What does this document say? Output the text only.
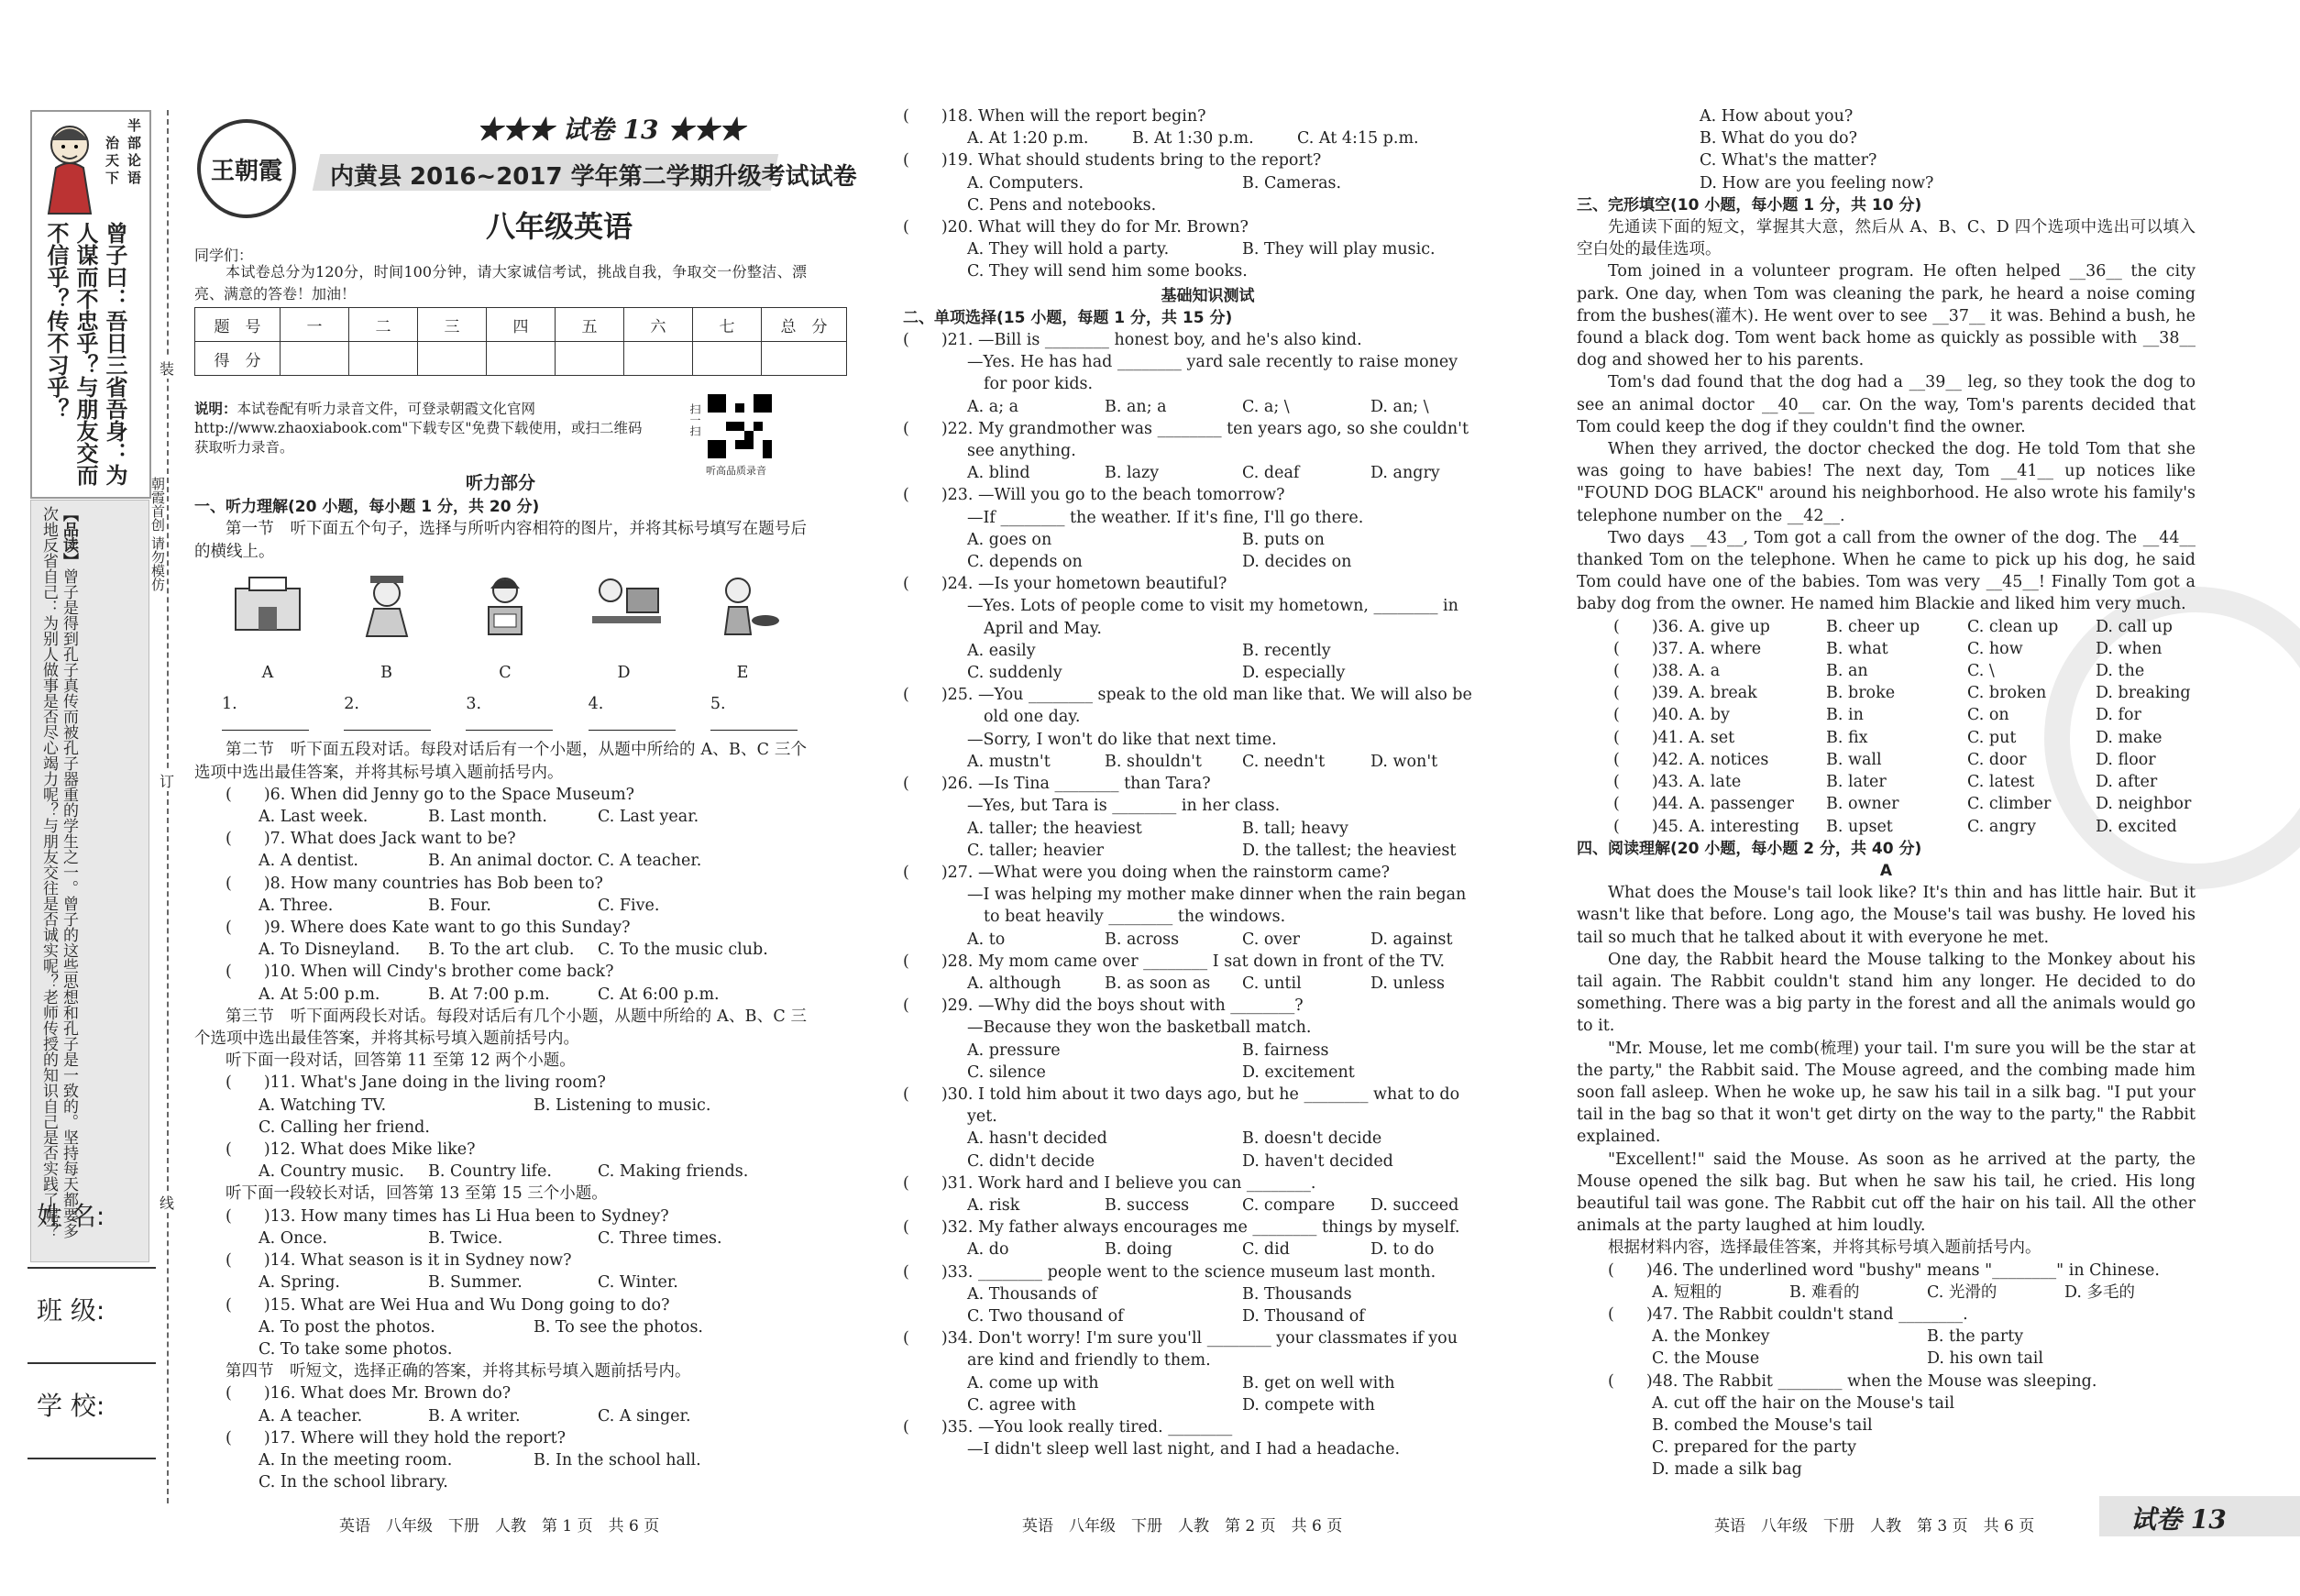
半部论语
治天下
曾子曰：吾日三省吾身：为人谋而不忠乎？与朋友交而不信乎？传不习乎？
【品读】曾子是得到孔子真传而被孔子器重的学生之一。曾子的这些思想和孔子是一致的。坚持每天都要多次地反省自己：为别人做事是否尽心竭力呢？与朋友交往是否诚实呢？老师传授的知识自己是否实践了呢？
姓 名:
班 级:
学 校:
装
订
线
朝霞首创 请勿模仿
王朝霞
★★★ 试卷 13 ★★★
内黄县 2016~2017 学年第二学期升级考试试卷
八年级英语
同学们：
本试卷总分为120分，时间100分钟，请大家诚信考试，挑战自我，争取交一份整洁、漂亮、满意的答卷！加油！
题　号	一	二	三	四	五	六	七	总　分
得　分								
说明：本试卷配有听力录音文件，可登录朝霞文化官网 http://www.zhaoxiabook.com"下载专区"免费下载使用，或扫二维码获取听力录音。
扫一扫
听高品质录音
听力部分
一、听力理解(20 小题，每小题 1 分，共 20 分)
第一节　听下面五个句子，选择与所听内容相符的图片，并将其标号填写在题号后的横线上。
A	B	C	D	E
1.	2.	3.	4.	5.
第二节　听下面五段对话。每段对话后有一个小题，从题中所给的 A、B、C 三个选项中选出最佳答案，并将其标号填入题前括号内。
(　　)6. When did Jenny go to the Space Museum?
A. Last week.	B. Last month.	C. Last year.
(　　)7. What does Jack want to be?
A. A dentist.	B. An animal doctor. C. A teacher.
(　　)8. How many countries has Bob been to?
A. Three.	B. Four.	C. Five.
(　　)9. Where does Kate want to go this Sunday?
A. To Disneyland.	B. To the art club.	C. To the music club.
(　　)10. When will Cindy's brother come back?
A. At 5:00 p.m.	B. At 7:00 p.m.	C. At 6:00 p.m.
第三节　听下面两段长对话。每段对话后有几个小题，从题中所给的 A、B、C 三个选项中选出最佳答案，并将其标号填入题前括号内。
听下面一段对话，回答第 11 至第 12 两个小题。
(　　)11. What's Jane doing in the living room?
A. Watching TV.	B. Listening to music.
C. Calling her friend.
(　　)12. What does Mike like?
A. Country music.	B. Country life.	C. Making friends.
听下面一段较长对话，回答第 13 至第 15 三个小题。
(　　)13. How many times has Li Hua been to Sydney?
A. Once.	B. Twice.	C. Three times.
(　　)14. What season is it in Sydney now?
A. Spring.	B. Summer.	C. Winter.
(　　)15. What are Wei Hua and Wu Dong going to do?
A. To post the photos.	B. To see the photos.
C. To take some photos.
第四节　听短文，选择正确的答案，并将其标号填入题前括号内。
(　　)16. What does Mr. Brown do?
A. A teacher.	B. A writer.	C. A singer.
(　　)17. Where will they hold the report?
A. In the meeting room.	B. In the school hall.
C. In the school library.
英语　八年级　下册　人教　第 1 页　共 6 页
(　　)18. When will the report begin?
A. At 1:20 p.m.	B. At 1:30 p.m.	C. At 4:15 p.m.
(　　)19. What should students bring to the report?
A. Computers.	B. Cameras.
C. Pens and notebooks.
(　　)20. What will they do for Mr. Brown?
A. They will hold a party.	B. They will play music.
C. They will send him some books.
基础知识测试
二、单项选择(15 小题，每题 1 分，共 15 分)
(　　)21. —Bill is ________ honest boy, and he's also kind.
—Yes. He has had ________ yard sale recently to raise money
for poor kids.
A. a; a	B. an; a	C. a; \	D. an; \
(　　)22. My grandmother was ________ ten years ago, so she couldn't
see anything.
A. blind	B. lazy	C. deaf	D. angry
(　　)23. —Will you go to the beach tomorrow?
—If ________ the weather. If it's fine, I'll go there.
A. goes on	B. puts on
C. depends on	D. decides on
(　　)24. —Is your hometown beautiful?
—Yes. Lots of people come to visit my hometown, ________ in
April and May.
A. easily	B. recently
C. suddenly	D. especially
(　　)25. —You ________ speak to the old man like that. We will also be
old one day.
—Sorry, I won't do like that next time.
A. mustn't	B. shouldn't	C. needn't	D. won't
(　　)26. —Is Tina ________ than Tara?
—Yes, but Tara is ________ in her class.
A. taller; the heaviest	B. tall; heavy
C. taller; heavier	D. the tallest; the heaviest
(　　)27. —What were you doing when the rainstorm came?
—I was helping my mother make dinner when the rain began
to beat heavily ________ the windows.
A. to	B. across	C. over	D. against
(　　)28. My mom came over ________ I sat down in front of the TV.
A. although	B. as soon as	C. until	D. unless
(　　)29. —Why did the boys shout with ________?
—Because they won the basketball match.
A. pressure	B. fairness
C. silence	D. excitement
(　　)30. I told him about it two days ago, but he ________ what to do
yet.
A. hasn't decided	B. doesn't decide
C. didn't decide	D. haven't decided
(　　)31. Work hard and I believe you can ________.
A. risk	B. success	C. compare	D. succeed
(　　)32. My father always encourages me ________ things by myself.
A. do	B. doing	C. did	D. to do
(　　)33. ________ people went to the science museum last month.
A. Thousands of	B. Thousands
C. Two thousand of	D. Thousand of
(　　)34. Don't worry! I'm sure you'll ________ your classmates if you
are kind and friendly to them.
A. come up with	B. get on well with
C. agree with	D. compete with
(　　)35. —You look really tired. ________
—I didn't sleep well last night, and I had a headache.
英语　八年级　下册　人教　第 2 页　共 6 页
A. How about you?
B. What do you do?
C. What's the matter?
D. How are you feeling now?
三、完形填空(10 小题，每小题 1 分，共 10 分)
先通读下面的短文，掌握其大意，然后从 A、B、C、D 四个选项中选出可以填入空白处的最佳选项。
Tom joined in a volunteer program. He often helped __36__ the city park. One day, when Tom was cleaning the park, he heard a noise coming from the bushes(灌木). He went over to see __37__ it was. Behind a bush, he found a black dog. Tom went back home as quickly as possible with __38__ dog and showed her to his parents.
Tom's dad found that the dog had a __39__ leg, so they took the dog to see an animal doctor __40__ car. On the way, Tom's parents decided that Tom could keep the dog if they couldn't find the owner.
When they arrived, the doctor checked the dog. He told Tom that she was going to have babies! The next day, Tom __41__ up notices like "FOUND DOG BLACK" around his neighborhood. He also wrote his family's telephone number on the __42__.
Two days __43__, Tom got a call from the owner of the dog. The __44__ thanked Tom on the telephone. When he came to pick up his dog, he said Tom could have one of the babies. Tom was very __45__! Finally Tom got a baby dog from the owner. He named him Blackie and liked him very much.
(　　)36. A. give up	B. cheer up	C. clean up	D. call up
(　　)37. A. where	B. what	C. how	D. when
(　　)38. A. a	B. an	C. \	D. the
(　　)39. A. break	B. broke	C. broken	D. breaking
(　　)40. A. by	B. in	C. on	D. for
(　　)41. A. set	B. fix	C. put	D. make
(　　)42. A. notices	B. wall	C. door	D. floor
(　　)43. A. late	B. later	C. latest	D. after
(　　)44. A. passenger	B. owner	C. climber	D. neighbor
(　　)45. A. interesting	B. upset	C. angry	D. excited
四、阅读理解(20 小题，每小题 2 分，共 40 分)
A
What does the Mouse's tail look like? It's thin and has little hair. But it wasn't like that before. Long ago, the Mouse's tail was bushy. He loved his tail so much that he talked about it with everyone he met.
One day, the Rabbit heard the Mouse talking to the Monkey about his tail again. The Rabbit couldn't stand him any longer. He decided to do something. There was a big party in the forest and all the animals would go to it.
"Mr. Mouse, let me comb(梳理) your tail. I'm sure you will be the star at the party," the Rabbit said. The Mouse agreed, and the combing made him soon fall asleep. When he woke up, he saw his tail in a silk bag. "I put your tail in the bag so that it won't get dirty on the way to the party," the Rabbit explained.
"Excellent!" said the Mouse. As soon as he arrived at the party, the Mouse opened the silk bag. But when he saw his tail, he cried. His long beautiful tail was gone. The Rabbit cut off the hair on his tail. All the other animals at the party laughed at him loudly.
根据材料内容，选择最佳答案，并将其标号填入题前括号内。
(　　)46. The underlined word "bushy" means "________" in Chinese.
A. 短粗的	B. 难看的	C. 光滑的	D. 多毛的
(　　)47. The Rabbit couldn't stand ________.
A. the Monkey	B. the party
C. the Mouse	D. his own tail
(　　)48. The Rabbit ________ when the Mouse was sleeping.
A. cut off the hair on the Mouse's tail
B. combed the Mouse's tail
C. prepared for the party
D. made a silk bag
英语　八年级　下册　人教　第 3 页　共 6 页	试卷 13
